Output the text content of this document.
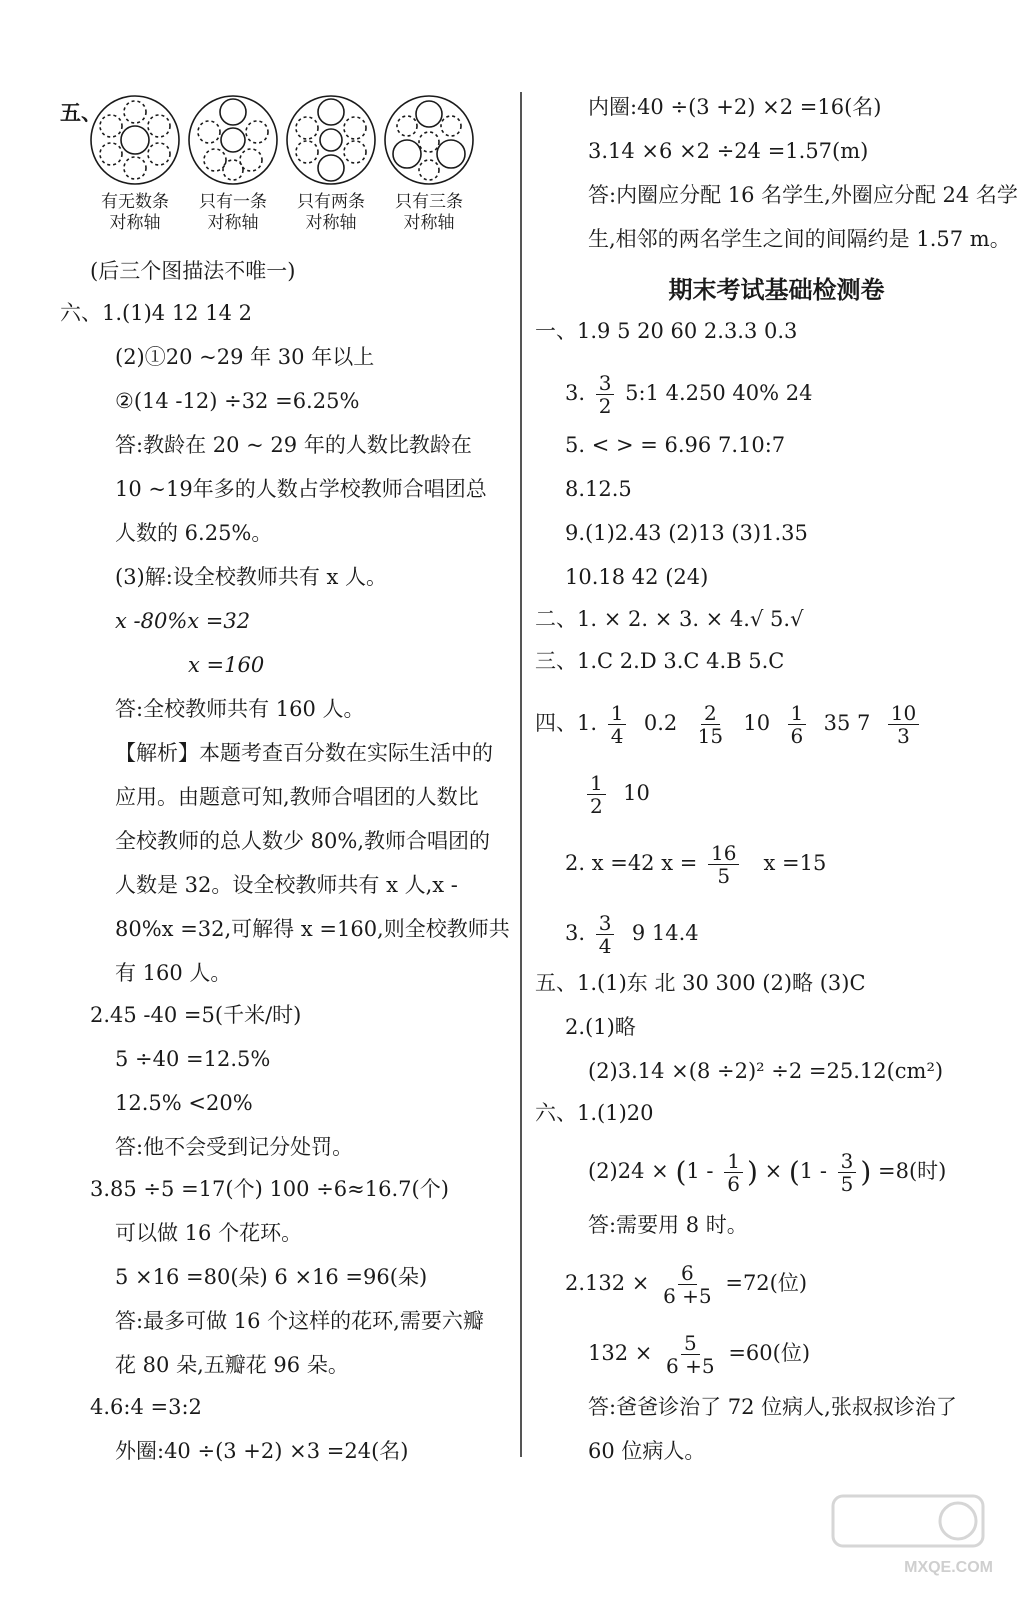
五、
有无数条
对称轴
只有一条
对称轴
只有两条
对称轴
只有三条
对称轴
(后三个图描法不唯一)
六、1.(1)4 12 14 2
(2)①20 ~29 年 30 年以上
②(14 -12) ÷32 =6.25%
答:教龄在 20 ~ 29 年的人数比教龄在
10 ~19年多的人数占学校教师合唱团总
人数的 6.25%。
(3)解:设全校教师共有 x 人。
x -80%x =32
x =160
答:全校教师共有 160 人。
【解析】本题考查百分数在实际生活中的
应用。由题意可知,教师合唱团的人数比
全校教师的总人数少 80%,教师合唱团的
人数是 32。设全校教师共有 x 人,x -
80%x =32,可解得 x =160,则全校教师共
有 160 人。
2.45 -40 =5(千米/时)
5 ÷40 =12.5%
12.5% <20%
答:他不会受到记分处罚。
3.85 ÷5 =17(个) 100 ÷6≈16.7(个)
可以做 16 个花环。
5 ×16 =80(朵) 6 ×16 =96(朵)
答:最多可做 16 个这样的花环,需要六瓣
花 80 朵,五瓣花 96 朵。
4.6:4 =3:2
外圈:40 ÷(3 +2) ×3 =24(名)
内圈:40 ÷(3 +2) ×2 =16(名)
3.14 ×6 ×2 ÷24 =1.57(m)
答:内圈应分配 16 名学生,外圈应分配 24 名学
生,相邻的两名学生之间的间隔约是 1.57 m。
期末考试基础检测卷
一、1.9 5 20 60 2.3.3 0.3
3. $\frac{3}{2}$ 5:1 4.250 40% 24
5. < > = 6.96 7.10:7
8.12.5
9.(1)2.43 (2)13 (3)1.35
10.18 42 (24)
二、1. × 2. × 3. × 4.√ 5.√
三、1.C 2.D 3.C 4.B 5.C
四、1. $\frac{1}{4} 0.2 \frac{2}{15} 10 \frac{1}{6} 35$ $7 \frac{10}{3}$
$\frac{1}{2} 10$
2. x =42 $x = \frac{16}{5}$ x =15
3. $\frac{3}{4} 9$ 14.4
五、1.(1)东 北 30 300 (2)略 (3)C
2.(1)略
(2)3.14 ×(8 ÷2)² ÷2 =25.12(cm²)
六、1.(1)20
$(2)24 \times (1 - \frac{1}{6}$ ) × ($1 - \frac{3}{5}$ ) =8(时)
答:需要用 8 时。
$2.132 \times \frac{6}{6 +5} =72$(位)
$132 \times \frac{5}{6 +5} =60$(位)
答:爸爸诊治了 72 位病人,张叔叔诊治了
60 位病人。
MXQE.COM
